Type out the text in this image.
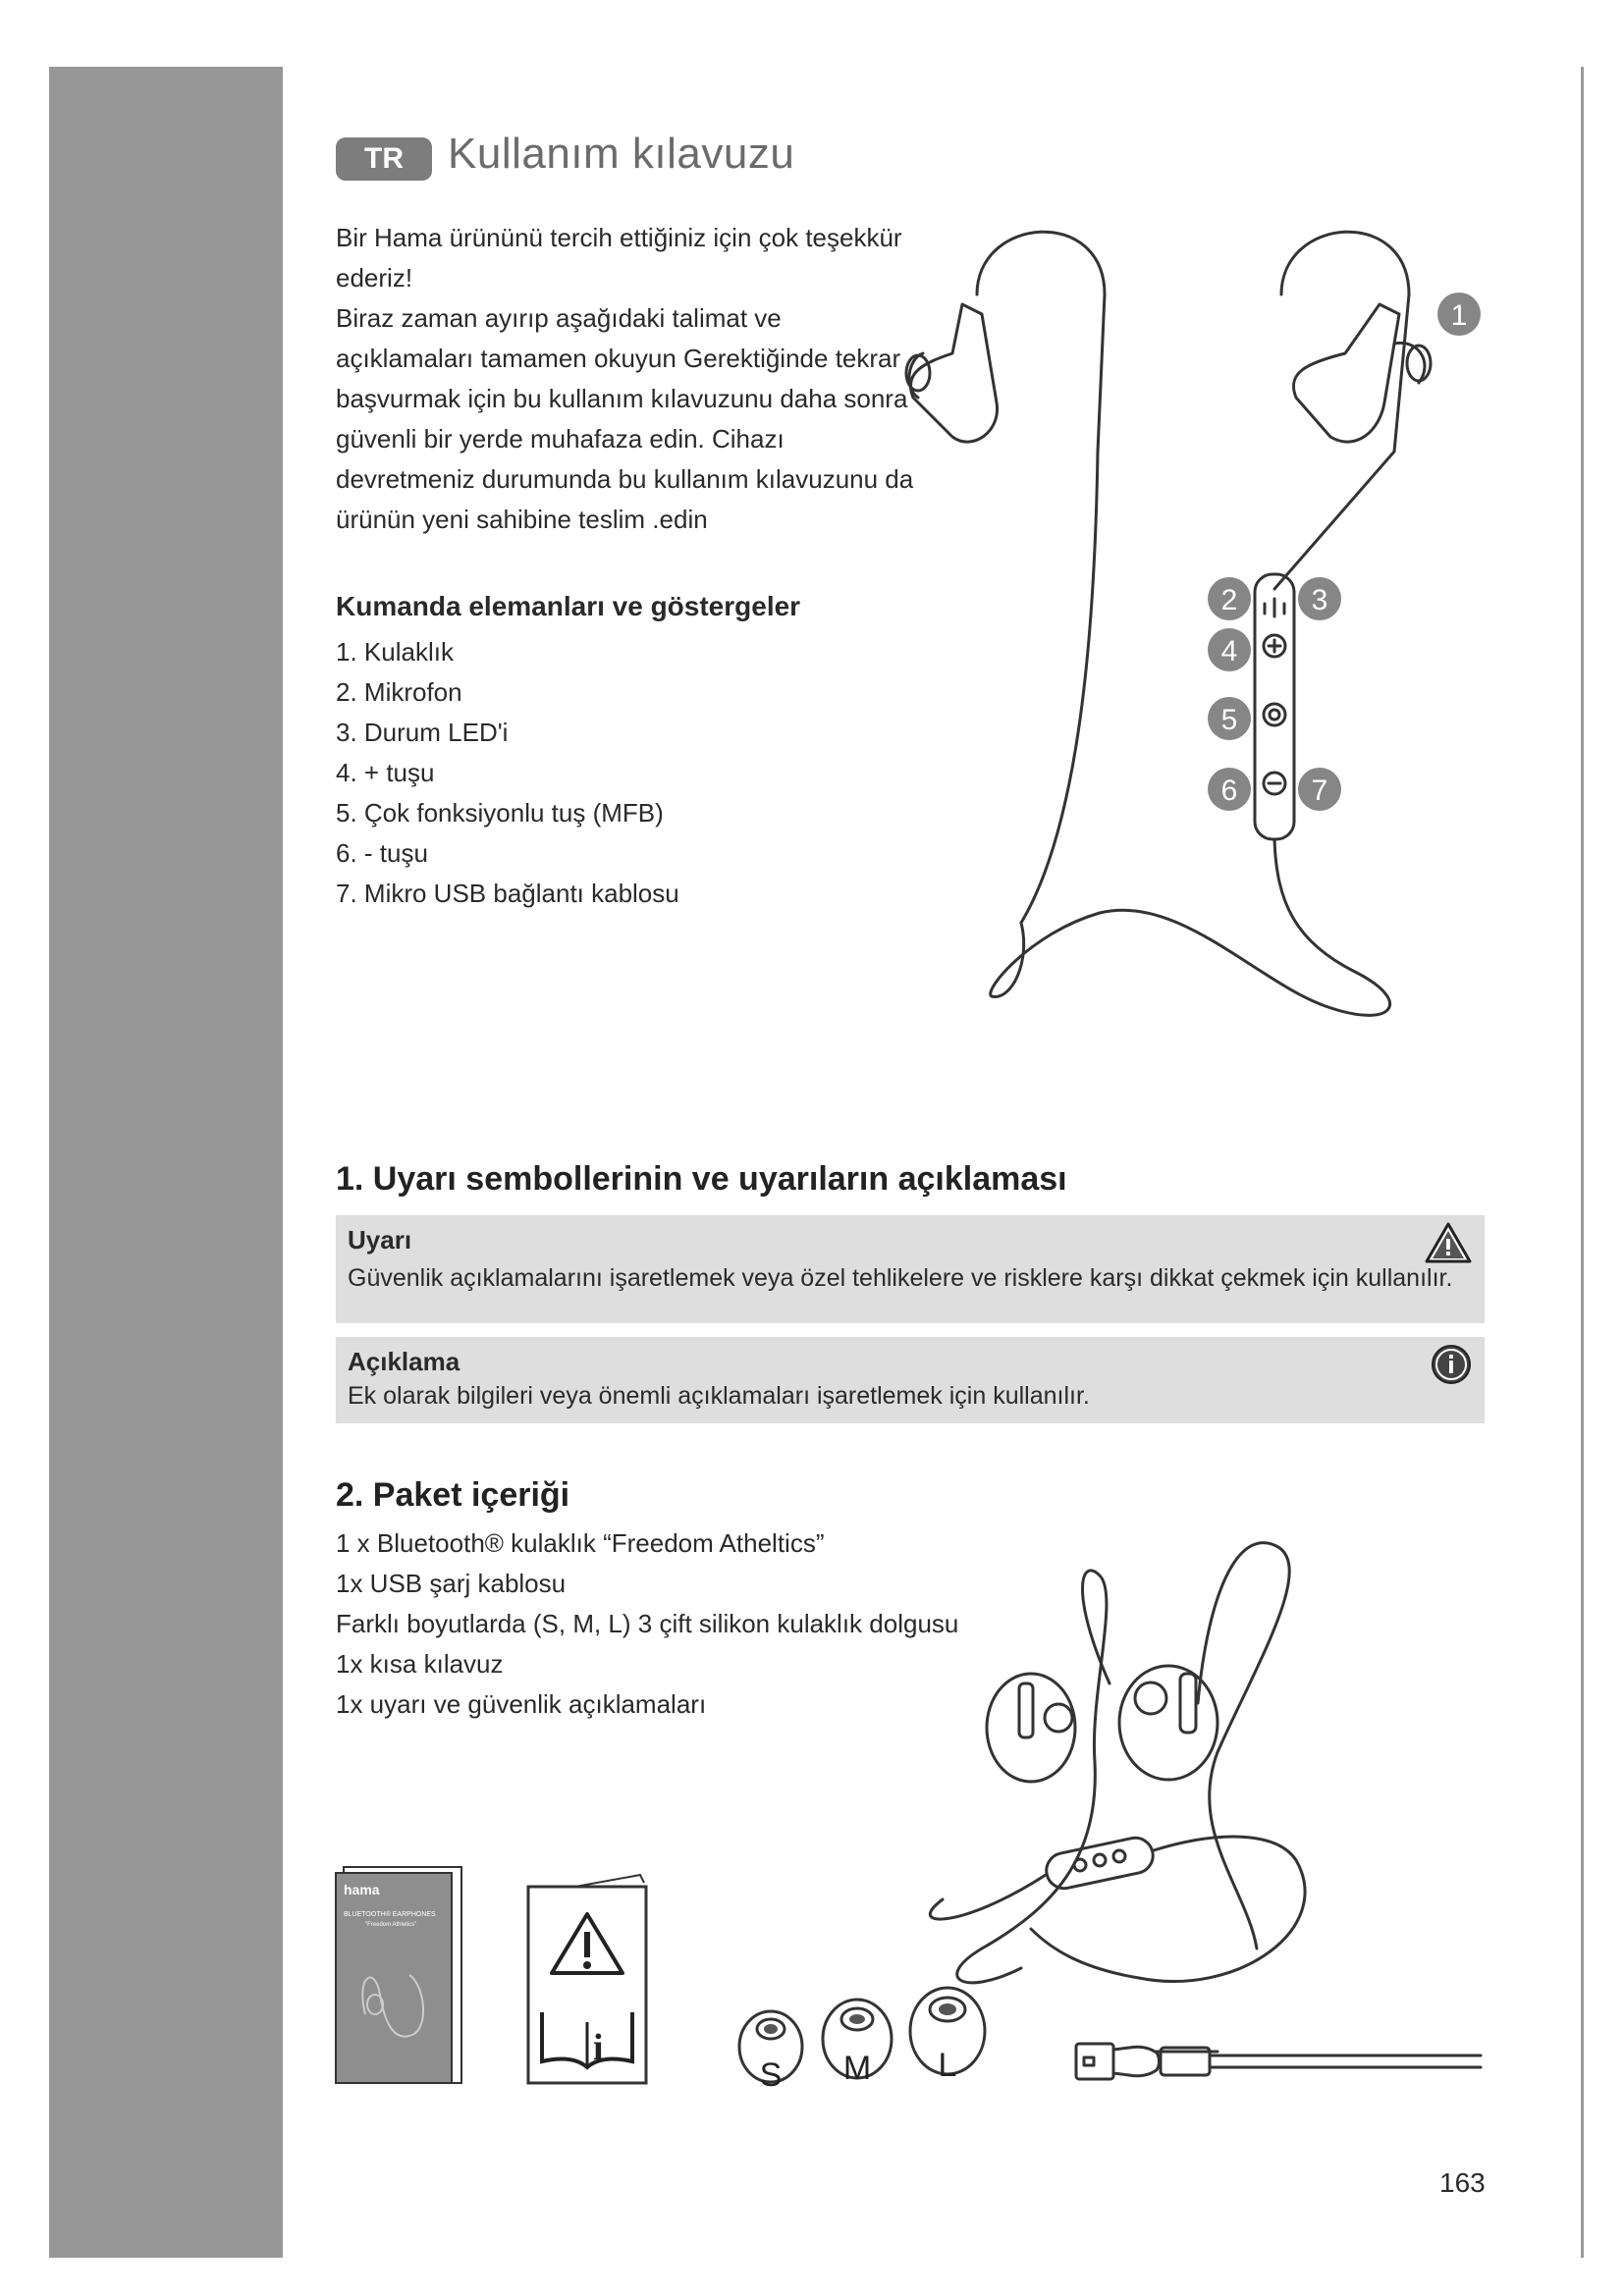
TR	Kullanım kılavuzu

Bir Hama ürününü tercih ettiğiniz için çok teşekkür ederiz!

Biraz zaman ayırıp aşağıdaki talimat ve açıklamaları tamamen okuyun Gerektiğinde tekrar başvurmak için bu kullanım kılavuzunu daha sonra güvenli bir yerde muhafaza edin. Cihazı devretmeniz durumunda bu kullanım kılavuzunu da ürünün yeni sahibine teslim .edin

Kumanda elemanları ve göstergeler
1. Kulaklık
2. Mikrofon
3. Durum LED'i
4. + tuşu
5. Çok fonksiyonlu tuş (MFB)
6. - tuşu
7. Mikro USB bağlantı kablosu
1
2	3
4
5
6	7
1. Uyarı sembollerinin ve uyarıların açıklaması
Uyarı
Güvenlik açıklamalarını işaretlemek veya özel tehlikelere ve risklere karşı dikkat çekmek için kullanılır.
Açıklama
Ek olarak bilgileri veya önemli açıklamaları işaretlemek için kullanılır.
2. Paket içeriği
1 x Bluetooth® kulaklık “Freedom Atheltics”
1x USB şarj kablosu
Farklı boyutlarda (S, M, L) 3 çift silikon kulaklık dolgusu
1x kısa kılavuz
1x uyarı ve güvenlik açıklamaları
hama
BLUETOOTH® EARPHONES
"Freedom Athletics"
i
S M L
163
